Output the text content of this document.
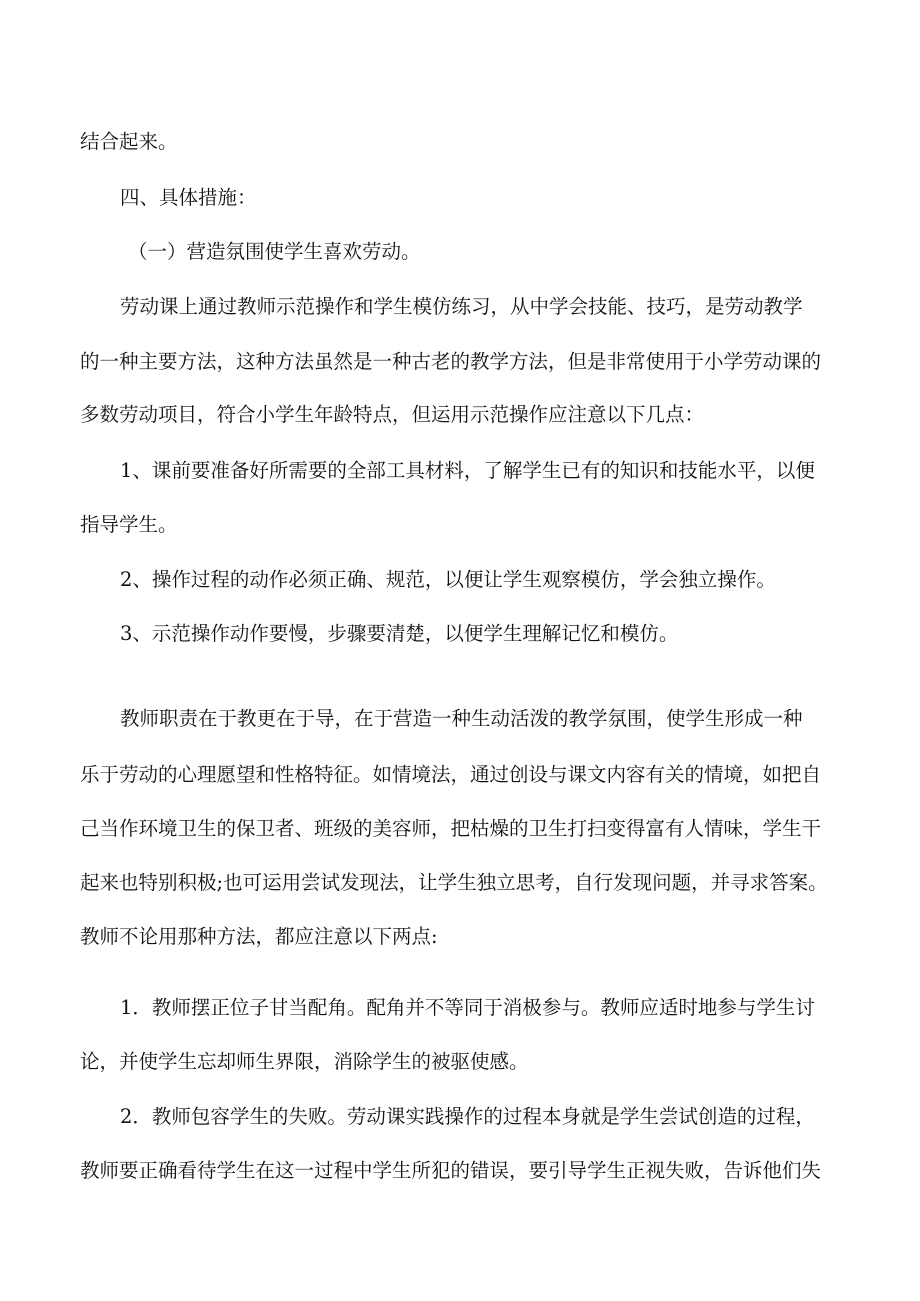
结合起来。
四、具体措施：
（一）营造氛围使学生喜欢劳动。
劳动课上通过教师示范操作和学生模仿练习，从中学会技能、技巧，是劳动教学
的一种主要方法，这种方法虽然是一种古老的教学方法，但是非常使用于小学劳动课的
多数劳动项目，符合小学生年龄特点，但运用示范操作应注意以下几点：
1、课前要准备好所需要的全部工具材料，了解学生已有的知识和技能水平，以便
指导学生。
2、操作过程的动作必须正确、规范，以便让学生观察模仿，学会独立操作。
3、示范操作动作要慢，步骤要清楚，以便学生理解记忆和模仿。
教师职责在于教更在于导，在于营造一种生动活泼的教学氛围，使学生形成一种
乐于劳动的心理愿望和性格特征。如情境法，通过创设与课文内容有关的情境，如把自
己当作环境卫生的保卫者、班级的美容师，把枯燥的卫生打扫变得富有人情味，学生干
起来也特别积极;也可运用尝试发现法，让学生独立思考，自行发现问题，并寻求答案。
教师不论用那种方法，都应注意以下两点:
1．教师摆正位子甘当配角。配角并不等同于消极参与。教师应适时地参与学生讨
论，并使学生忘却师生界限，消除学生的被驱使感。
2．教师包容学生的失败。劳动课实践操作的过程本身就是学生尝试创造的过程，
教师要正确看待学生在这一过程中学生所犯的错误，要引导学生正视失败，告诉他们失
